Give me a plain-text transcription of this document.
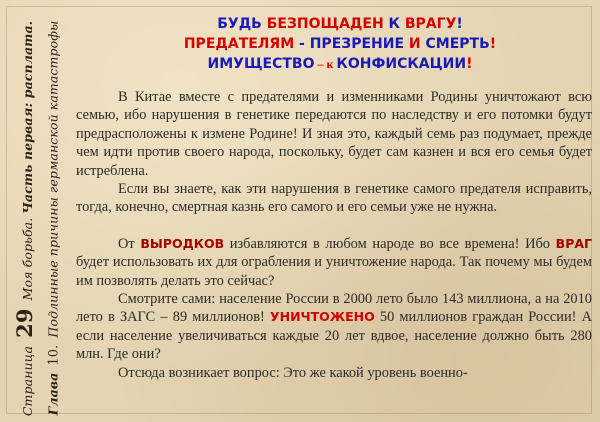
Страница 29 Моя борьба. Часть первая: расплата.
Глава 10. Подлинные причины германской катастрофы	БУДЬ БЕЗПОЩАДЕН К ВРАГУ!
ПРЕДАТЕЛЯМ - ПРЕЗРЕНИЕ И СМЕРТЬ!
ИМУЩЕСТВО – к КОНФИСКАЦИИ!

В Китае вместе с предателями и изменниками Родины уничтожают всю семью, ибо нарушения в генетике передаются по наследству и его потомки будут предрасположены к измене Родине! И зная это, каждый семь раз подумает, прежде чем идти против своего народа, поскольку, будет сам казнен и вся его семья будет истреблена.

Если вы знаете, как эти нарушения в генетике самого предателя исправить, тогда, конечно, смертная казнь его самого и его семьи уже не нужна.

От ВЫРОДКОВ избавляются в любом народе во все времена! Ибо ВРАГ будет использовать их для ограбления и уничтожение народа. Так почему мы будем им позволять делать это сейчас?

Смотрите сами: население России в 2000 лето было 143 миллиона, а на 2010 лето в ЗАГС – 89 миллионов! УНИЧТОЖЕНО 50 миллионов граждан России! А если население увеличиваться каждые 20 лет вдвое, население должно быть 280 млн. Где они?

Отсюда возникает вопрос: Это же какой уровень военно-
